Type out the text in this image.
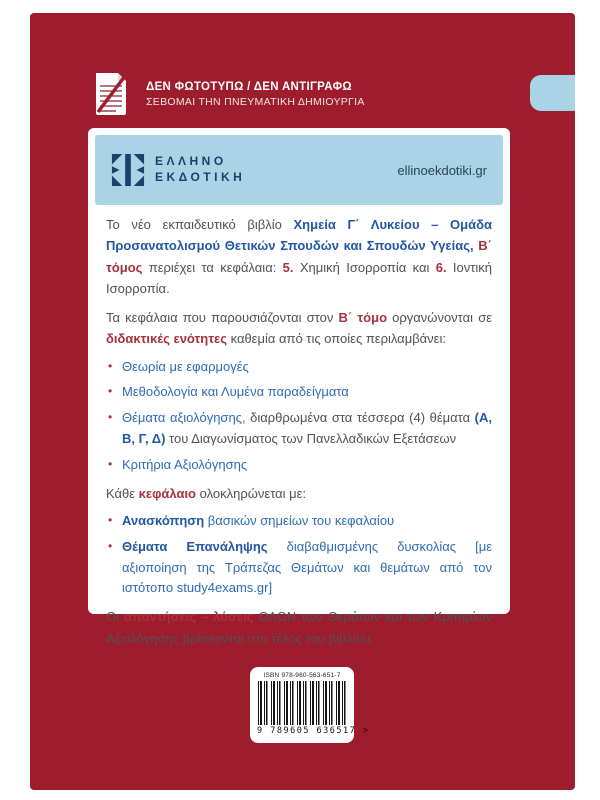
ΔΕΝ ΦΩΤΟΤΥΠΩ / ΔΕΝ ΑΝΤΙΓΡΑΦΩ
ΣΕΒΟΜΑΙ ΤΗΝ ΠΝΕΥΜΑΤΙΚΗ ΔΗΜΙΟΥΡΓΙΑ
ΕΛΛΗΝΟ
ΕΚΔΟΤΙΚΗ	ellinoekdotiki.gr

Το νέο εκπαιδευτικό βιβλίο Χημεία Γ΄ Λυκείου – Ομάδα Προσανατολισμού Θετικών Σπουδών και Σπουδών Υγείας, Β΄ τόμος περιέχει τα κεφάλαια: 5. Χημική Ισορροπία και 6. Ιοντική Ισορροπία.

Τα κεφάλαια που παρουσιάζονται στον Β΄ τόμο οργανώνονται σε διδακτικές ενότητες καθεμία από τις οποίες περιλαμβάνει:

• Θεωρία με εφαρμογές
• Μεθοδολογία και Λυμένα παραδείγματα
• Θέματα αξιολόγησης, διαρθρωμένα στα τέσσερα (4) θέματα (Α, Β, Γ, Δ) του Διαγωνίσματος των Πανελλαδικών Εξετάσεων
• Κριτήρια Αξιολόγησης

Κάθε κεφάλαιο ολοκληρώνεται με:

• Ανασκόπηση βασικών σημείων του κεφαλαίου
• Θέματα Επανάληψης διαβαθμισμένης δυσκολίας [με αξιοποίηση της Τράπεζας Θεμάτων και θεμάτων από τον ιστότοπο study4exams.gr]

Οι απαντήσεις – λύσεις ΟΛΩΝ των Θεμάτων και των Κριτηρίων Αξιολόγησης βρίσκονται στο τέλος του βιβλίου.

ISBN 978-960-563-651-7
9 789605 636517 >
